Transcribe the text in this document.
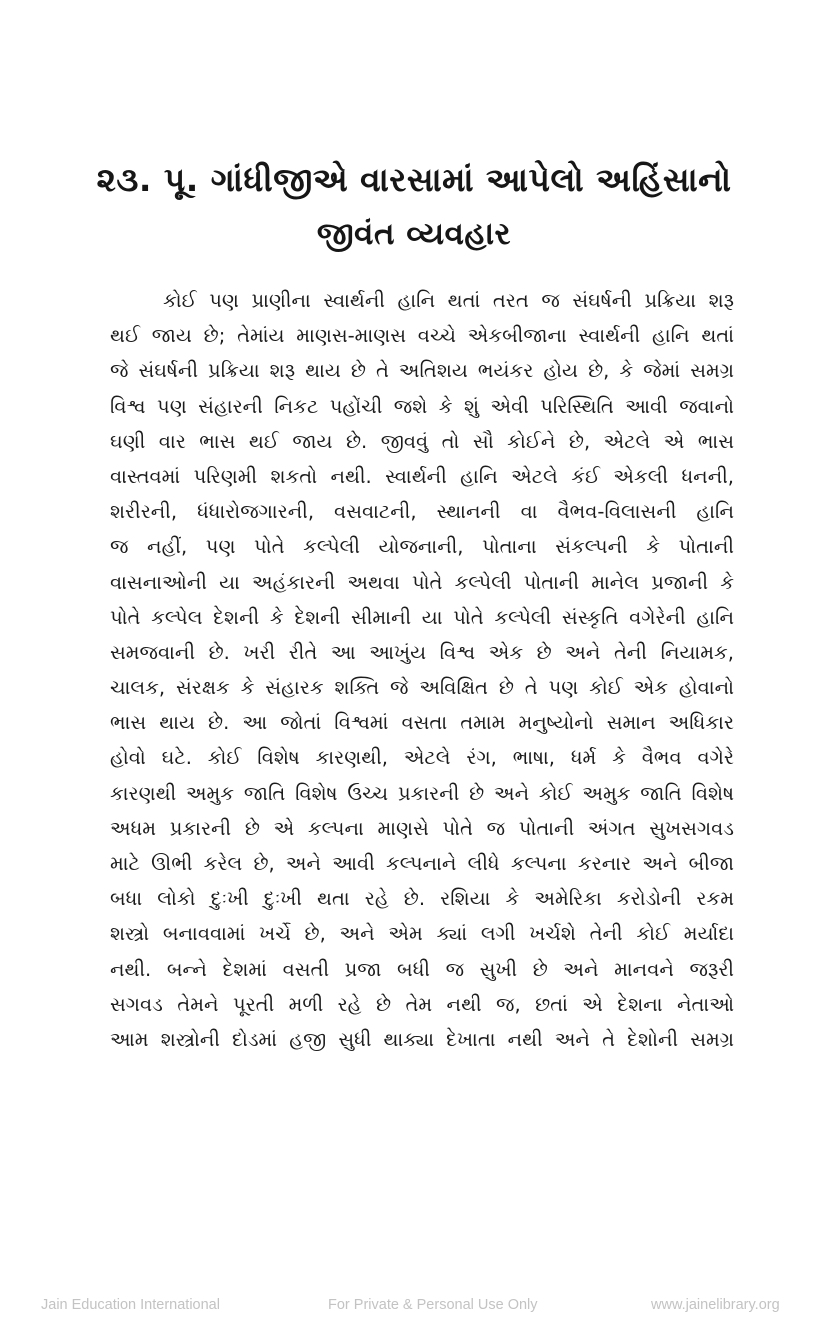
૨૩. પૂ. ગાંધીજીએ વારસામાં આપેલો અહિંસાનો
જીવંત વ્યવહાર
કોઈ પણ પ્રાણીના સ્વાર્થની હાનિ થતાં તરત જ સંઘર્ષની પ્રક્રિયા શરૂ
થઈ જાય છે; તેમાંય માણસ-માણસ વચ્ચે એકબીજાના સ્વાર્થની હાનિ થતાં
જે સંઘર્ષની પ્રક્રિયા શરૂ થાય છે તે અતિશય ભયંકર હોય છે, કે જેમાં સમગ્ર
વિશ્વ પણ સંહારની નિકટ પહોંચી જશે કે શું એવી પરિસ્થિતિ આવી જવાનો
ઘણી વાર ભાસ થઈ જાય છે. જીવવું તો સૌ કોઈને છે, એટલે એ ભાસ
વાસ્તવમાં પરિણમી શકતો નથી. સ્વાર્થની હાનિ એટલે કંઈ એકલી ધનની,
શરીરની, ધંધારોજગારની, વસવાટની, સ્થાનની વા વૈભવ-વિલાસની હાનિ
જ નહીં, પણ પોતે કલ્પેલી યોજનાની, પોતાના સંકલ્પની કે પોતાની
વાસનાઓની યા અહંકારની અથવા પોતે કલ્પેલી પોતાની માનેલ પ્રજાની કે
પોતે કલ્પેલ દેશની કે દેશની સીમાની યા પોતે કલ્પેલી સંસ્કૃતિ વગેરેની હાનિ
સમજવાની છે. ખરી રીતે આ આખુંય વિશ્વ એક છે અને તેની નિયામક,
ચાલક, સંરક્ષક કે સંહારક શક્તિ જે અવિક્ષિત છે તે પણ કોઈ એક હોવાનો
ભાસ થાય છે. આ જોતાં વિશ્વમાં વસતા તમામ મનુષ્યોનો સમાન અધિકાર
હોવો ઘટે. કોઈ વિશેષ કારણથી, એટલે રંગ, ભાષા, ધર્મ કે વૈભવ વગેરે
કારણથી અમુક જાતિ વિશેષ ઉચ્ચ પ્રકારની છે અને કોઈ અમુક જાતિ વિશેષ
અધમ પ્રકારની છે એ કલ્પના માણસે પોતે જ પોતાની અંગત સુખસગવડ
માટે ઊભી કરેલ છે, અને આવી કલ્પનાને લીધે કલ્પના કરનાર અને બીજા
બધા લોકો દુઃખી દુઃખી થતા રહે છે. રશિયા કે અમેરિકા કરોડોની રકમ
શસ્ત્રો બનાવવામાં ખર્ચે છે, અને એમ ક્યાં લગી ખર્ચશે તેની કોઈ મર્યાદા
નથી. બન્ને દેશમાં વસતી પ્રજા બધી જ સુખી છે અને માનવને જરૂરી
સગવડ તેમને પૂરતી મળી રહે છે તેમ નથી જ, છતાં એ દેશના નેતાઓ
આમ શસ્ત્રોની દોડમાં હજી સુધી થાક્યા દેખાતા નથી અને તે દેશોની સમગ્ર
Jain Education International	For Private & Personal Use Only	www.jainelibrary.org
